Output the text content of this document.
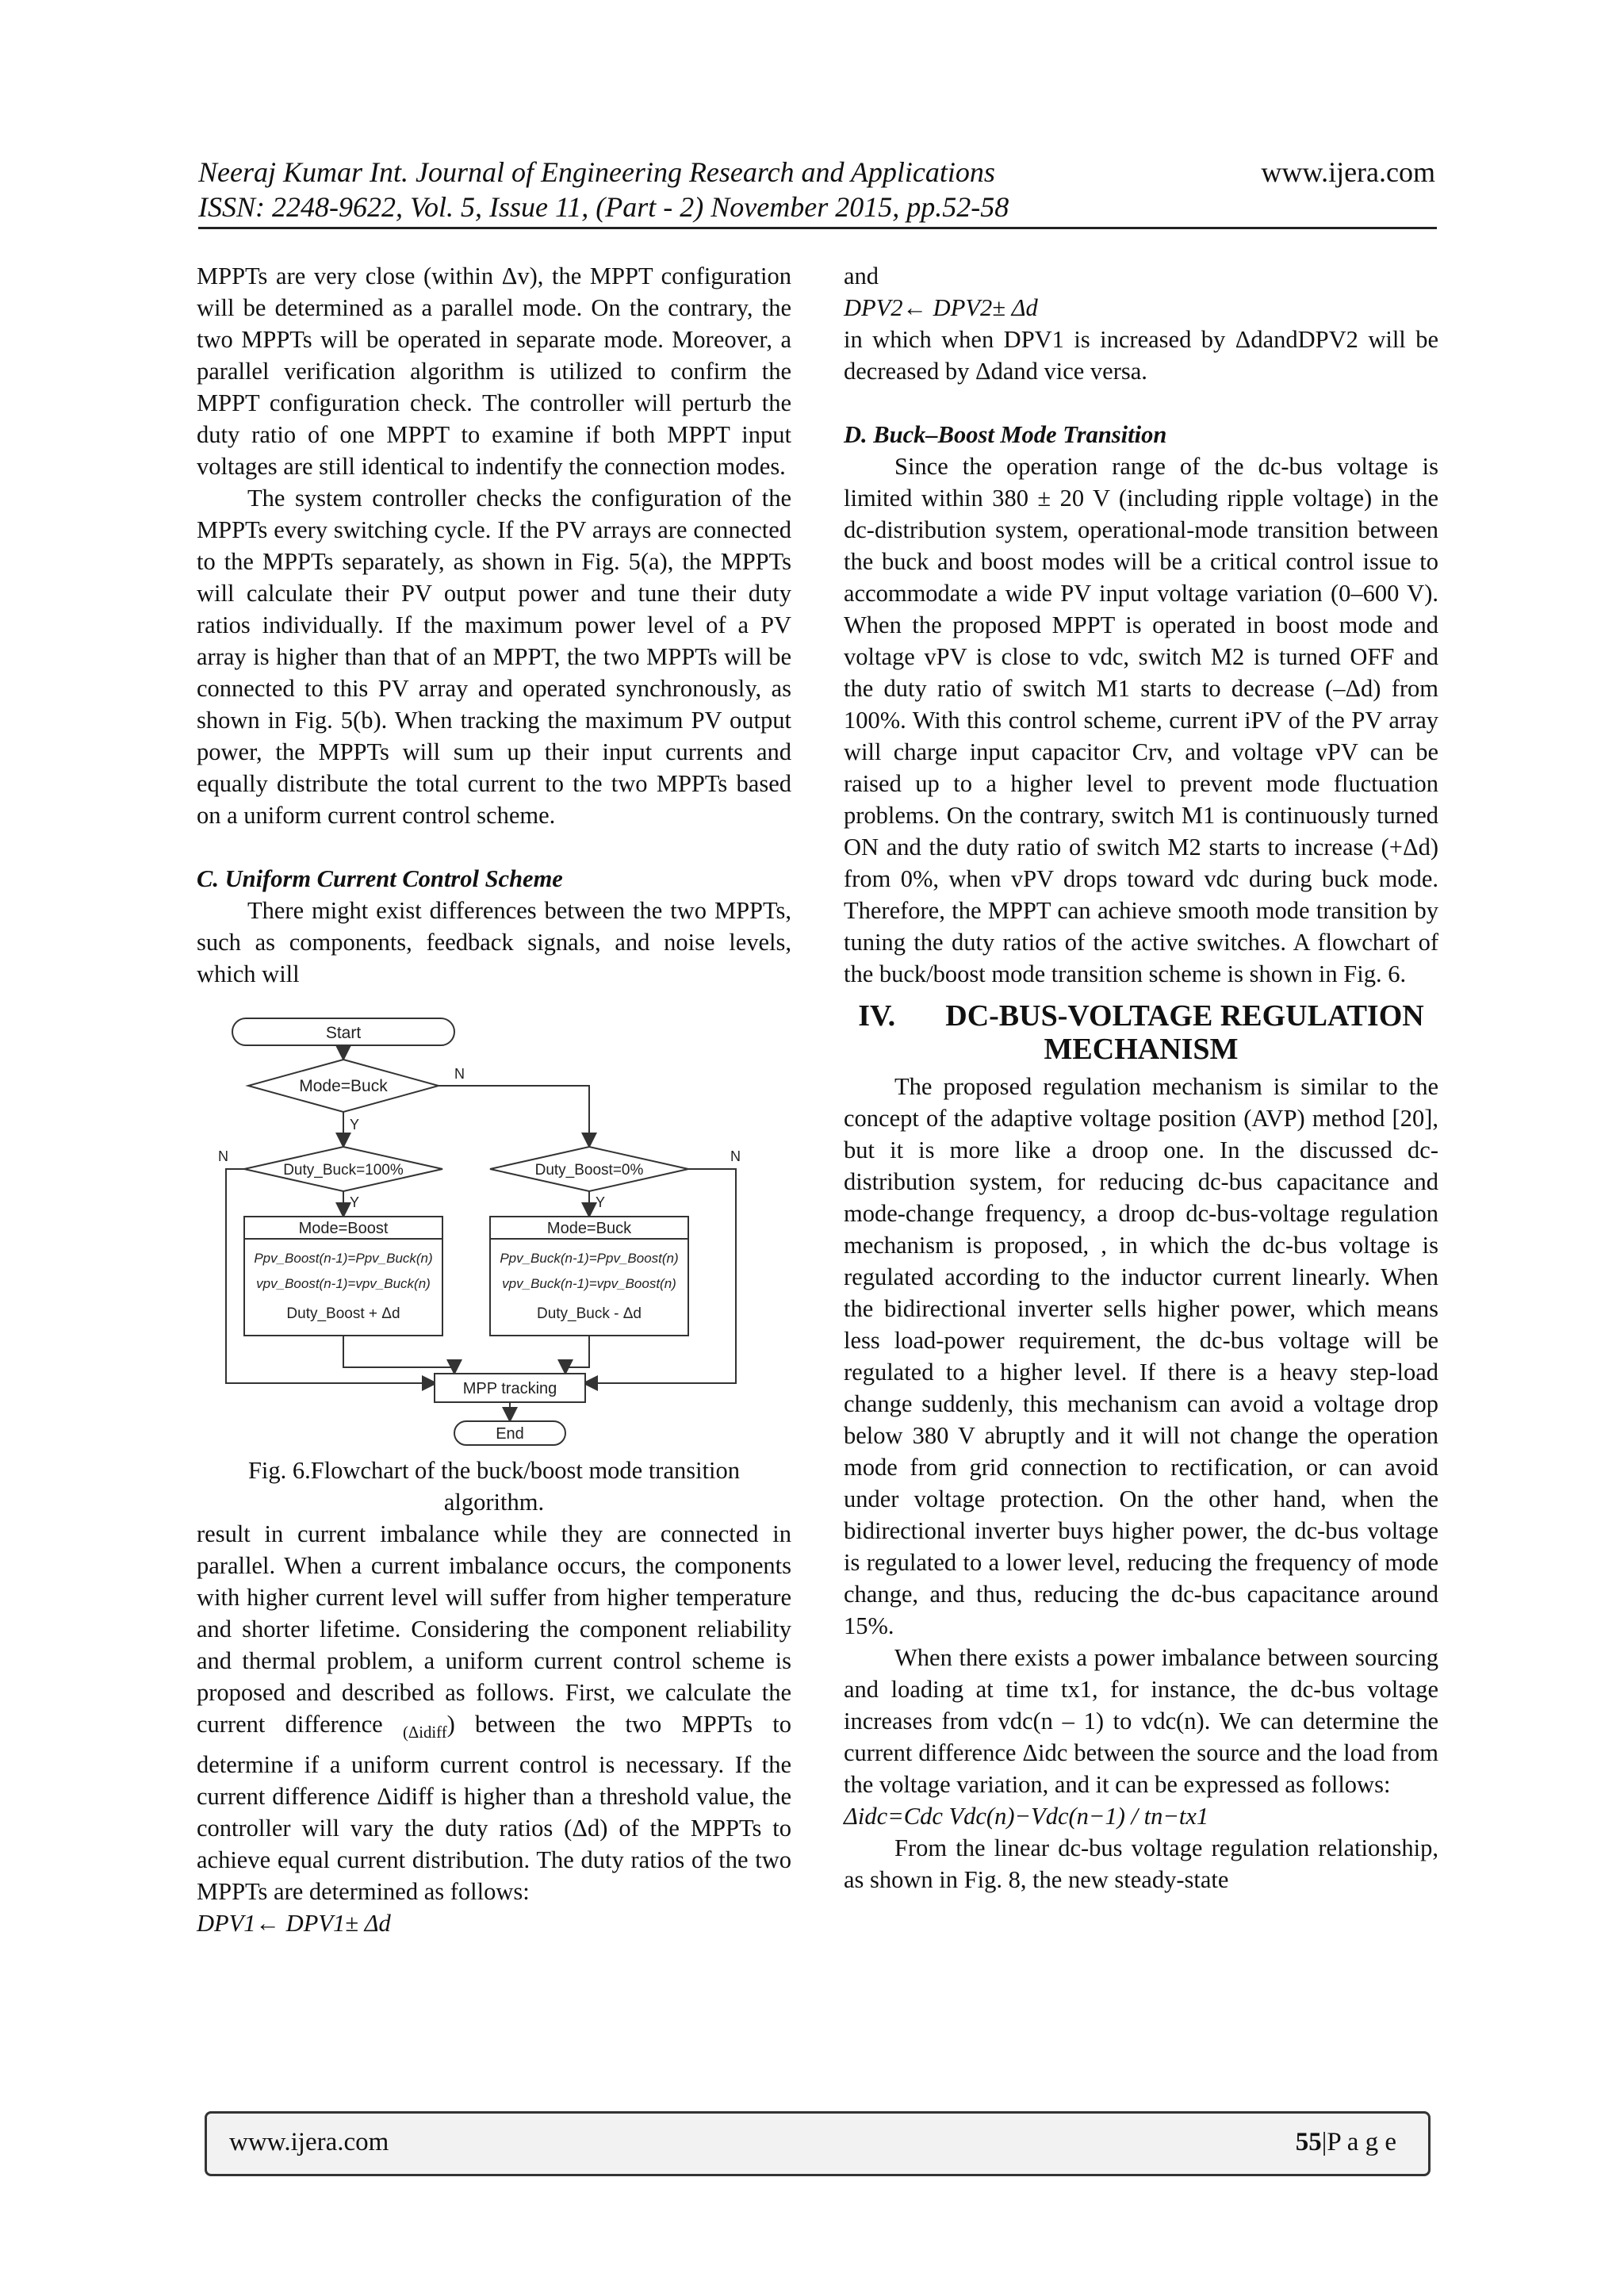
Neeraj Kumar Int. Journal of Engineering Research and Applications
ISSN: 2248-9622, Vol. 5, Issue 11, (Part - 2) November 2015, pp.52-58
www.ijera.com

MPPTs are very close (within Δv), the MPPT configuration will be determined as a parallel mode. On the contrary, the two MPPTs will be operated in separate mode. Moreover, a parallel verification algorithm is utilized to confirm the MPPT configuration check. The controller will perturb the duty ratio of one MPPT to examine if both MPPT input voltages are still identical to indentify the connection modes.

The system controller checks the configuration of the MPPTs every switching cycle. If the PV arrays are connected to the MPPTs separately, as shown in Fig. 5(a), the MPPTs will calculate their PV output power and tune their duty ratios individually. If the maximum power level of a PV array is higher than that of an MPPT, the two MPPTs will be connected to this PV array and operated synchronously, as shown in Fig. 5(b). When tracking the maximum PV output power, the MPPTs will sum up their input currents and equally distribute the total current to the two MPPTs based on a uniform current control scheme.

C. Uniform Current Control Scheme

There might exist differences between the two MPPTs, such as components, feedback signals, and noise levels, which will

Start
Mode=Buck
N
Y
Duty_Buck=100%	Duty_Boost=0%
N	N
Y	Y
Mode=Boost
Ppv_Boost(n-1)=Ppv_Buck(n)
vpv_Boost(n-1)=vpv_Buck(n)
Duty_Boost + Δd
Mode=Buck
Ppv_Buck(n-1)=Ppv_Boost(n)
vpv_Buck(n-1)=vpv_Boost(n)
Duty_Buck - Δd
MPP tracking
End

Fig. 6.Flowchart of the buck/boost mode transition algorithm.

result in current imbalance while they are connected in parallel. When a current imbalance occurs, the components with higher current level will suffer from higher temperature and shorter lifetime. Considering the component reliability and thermal problem, a uniform current control scheme is proposed and described as follows. First, we calculate the current difference $_{(\Delta idiff}$) between the two MPPTs to determine if a uniform current control is necessary. If the current difference Δidiff is higher than a threshold value, the controller will vary the duty ratios (Δd) of the MPPTs to achieve equal current distribution. The duty ratios of the two MPPTs are determined as follows:

DPV1← DPV1± Δd

and

DPV2← DPV2± Δd

in which when DPV1 is increased by ΔdandDPV2 will be decreased by Δdand vice versa.

D. Buck–Boost Mode Transition

Since the operation range of the dc-bus voltage is limited within 380 ± 20 V (including ripple voltage) in the dc-distribution system, operational-mode transition between the buck and boost modes will be a critical control issue to accommodate a wide PV input voltage variation (0–600 V). When the proposed MPPT is operated in boost mode and voltage vPV is close to vdc, switch M2 is turned OFF and the duty ratio of switch M1 starts to decrease (–Δd) from 100%. With this control scheme, current iPV of the PV array will charge input capacitor Crv, and voltage vPV can be raised up to a higher level to prevent mode fluctuation problems. On the contrary, switch M1 is continuously turned ON and the duty ratio of switch M2 starts to increase (+Δd) from 0%, when vPV drops toward vdc during buck mode. Therefore, the MPPT can achieve smooth mode transition by tuning the duty ratios of the active switches. A flowchart of the buck/boost mode transition scheme is shown in Fig. 6.

IV. DC-BUS-VOLTAGE REGULATION
MECHANISM

The proposed regulation mechanism is similar to the concept of the adaptive voltage position (AVP) method [20], but it is more like a droop one. In the discussed dc-distribution system, for reducing dc-bus capacitance and mode-change frequency, a droop dc-bus-voltage regulation mechanism is proposed, , in which the dc-bus voltage is regulated according to the inductor current linearly. When the bidirectional inverter sells higher power, which means less load-power requirement, the dc-bus voltage will be regulated to a higher level. If there is a heavy step-load change suddenly, this mechanism can avoid a voltage drop below 380 V abruptly and it will not change the operation mode from grid connection to rectification, or can avoid under voltage protection. On the other hand, when the bidirectional inverter buys higher power, the dc-bus voltage is regulated to a lower level, reducing the frequency of mode change, and thus, reducing the dc-bus capacitance around 15%.

When there exists a power imbalance between sourcing and loading at time tx1, for instance, the dc-bus voltage increases from vdc(n – 1) to vdc(n). We can determine the current difference Δidc between the source and the load from the voltage variation, and it can be expressed as follows:

Δidc=Cdc Vdc(n)−Vdc(n−1) / tn−tx1

From the linear dc-bus voltage regulation relationship, as shown in Fig. 8, the new steady-state

www.ijera.com	55|P a g e
